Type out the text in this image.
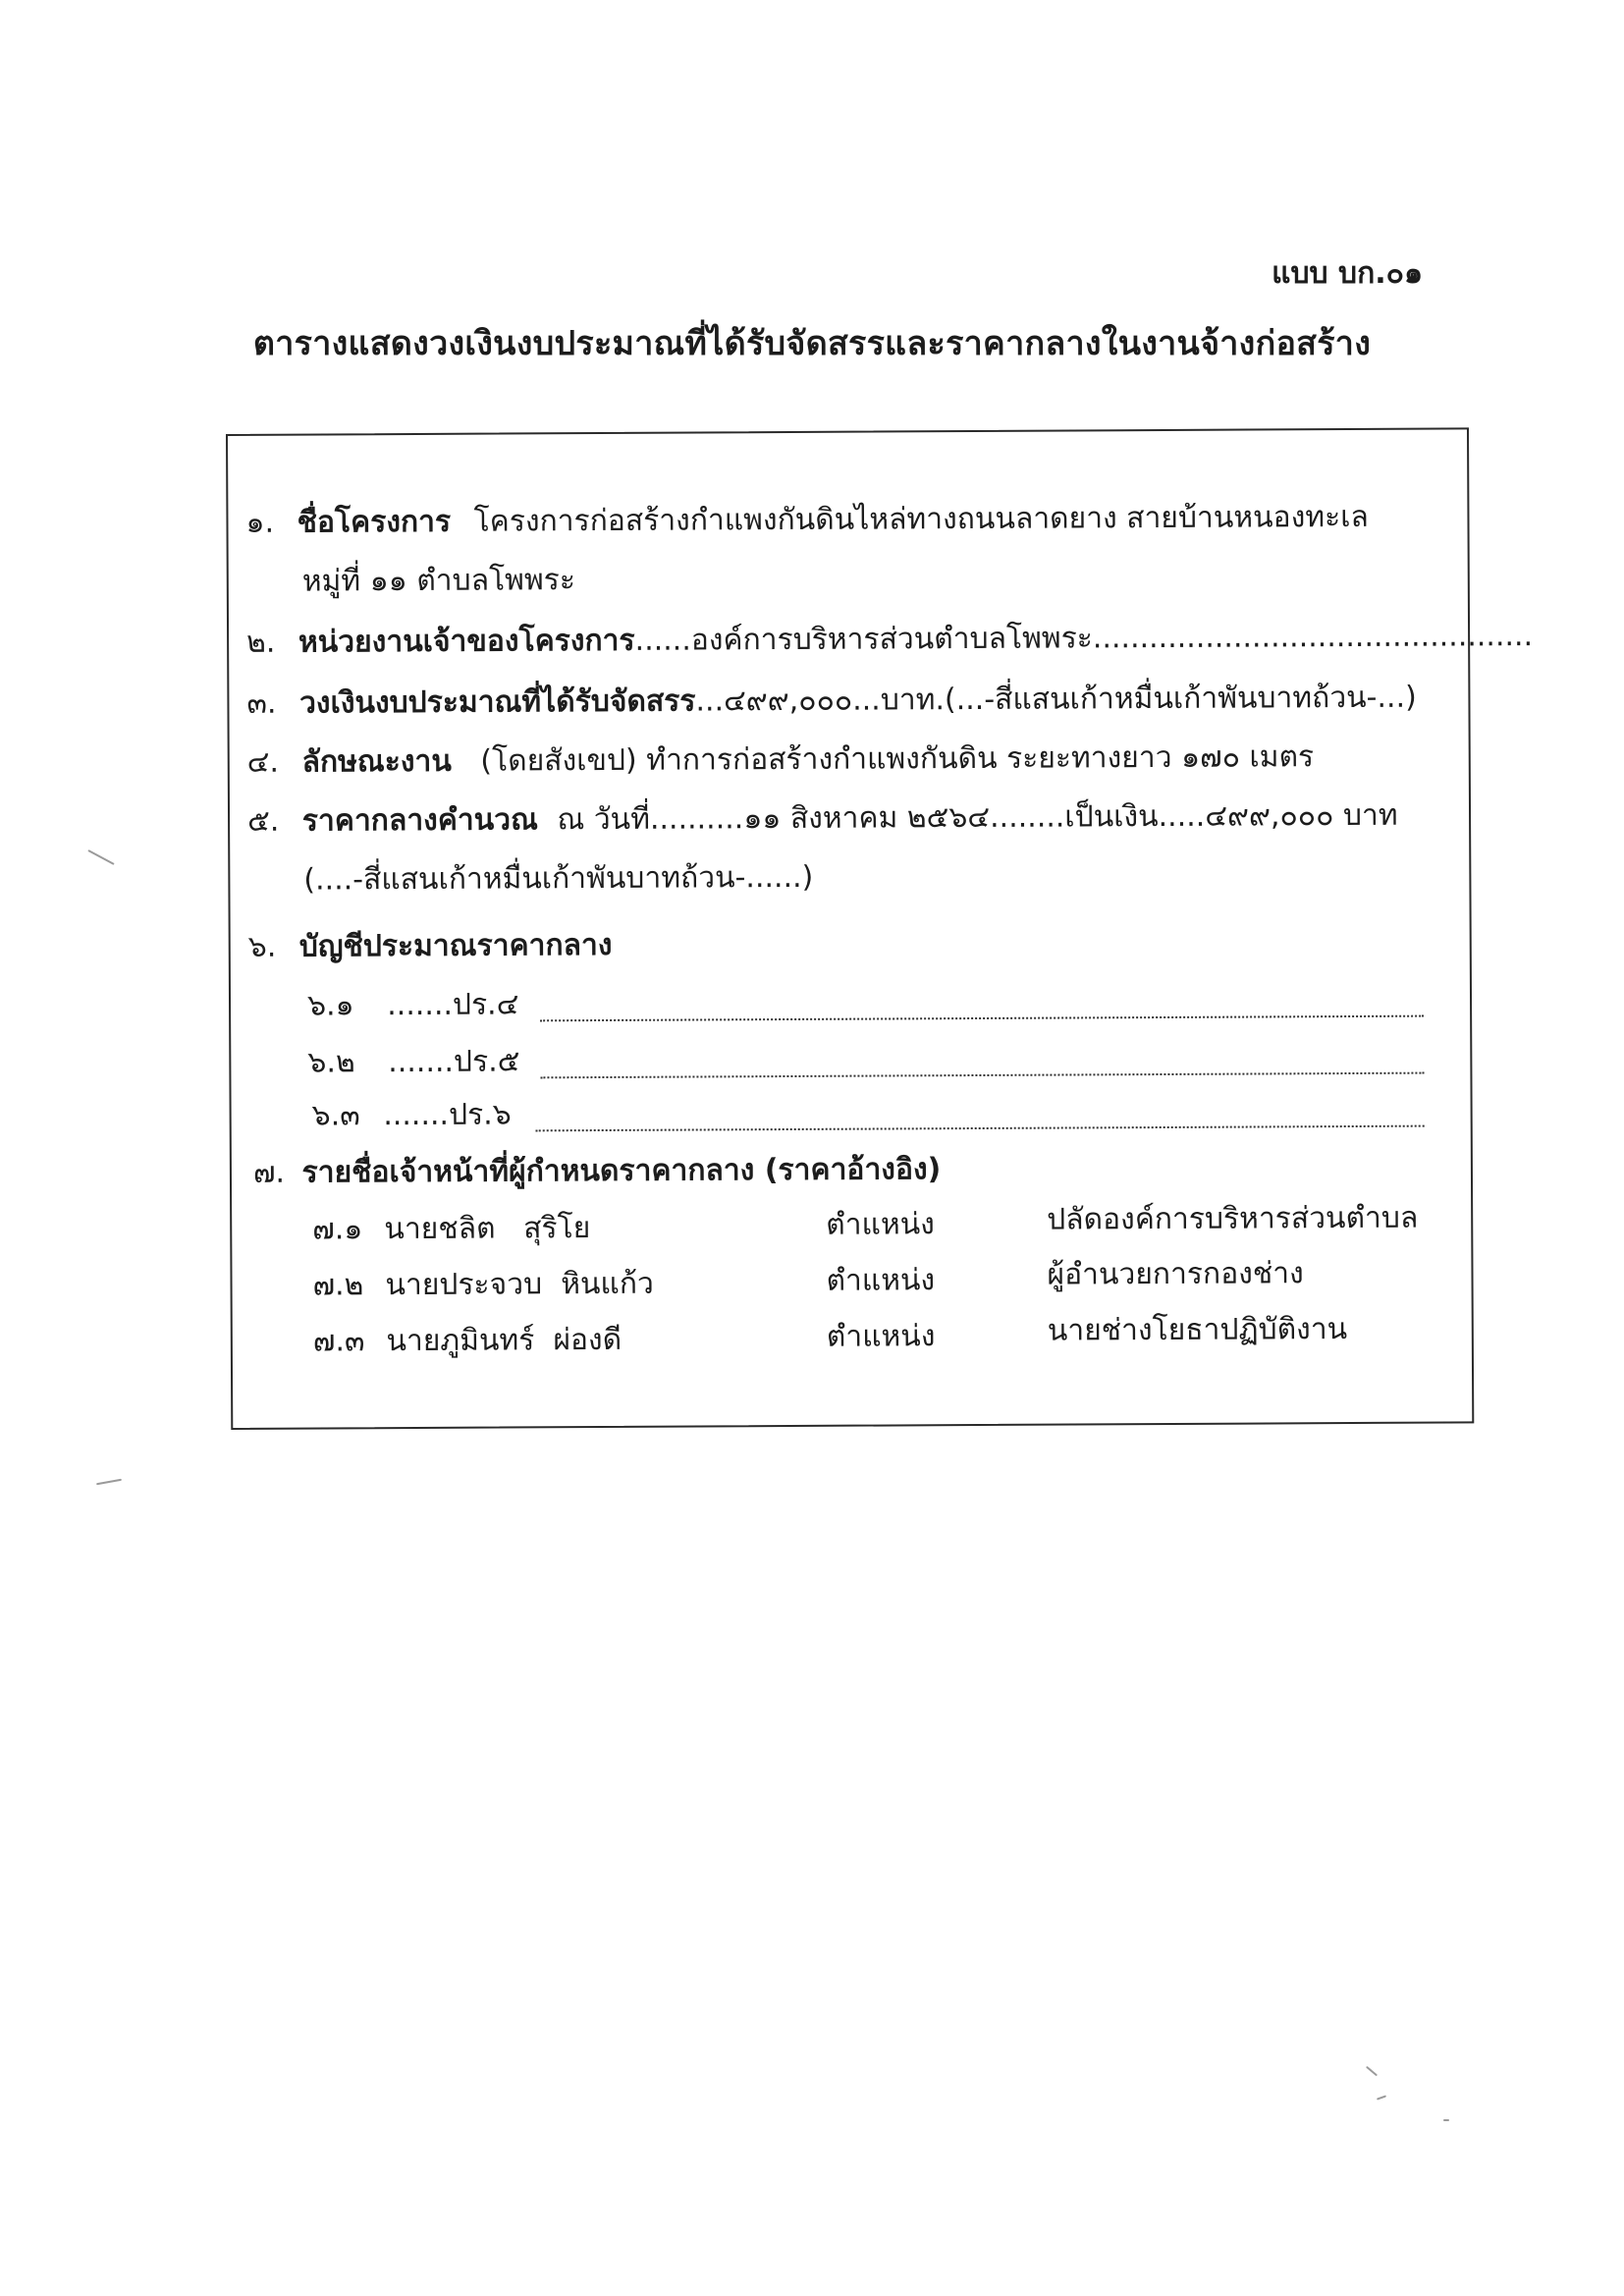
แบบ บก.๐๑
ตารางแสดงวงเงินงบประมาณที่ได้รับจัดสรรและราคากลางในงานจ้างก่อสร้าง
๑. ชื่อโครงการ โครงการก่อสร้างกำแพงกันดินไหล่ทางถนนลาดยาง สายบ้านหนองทะเล
หมู่ที่ ๑๑ ตำบลโพพระ
๒. หน่วยงานเจ้าของโครงการ......องค์การบริหารส่วนตำบลโพพระ...............................................
๓. วงเงินงบประมาณที่ได้รับจัดสรร...๔๙๙,๐๐๐...บาท.(...-สี่แสนเก้าหมื่นเก้าพันบาทถ้วน-...)
๔. ลักษณะงาน (โดยสังเขป) ทำการก่อสร้างกำแพงกันดิน ระยะทางยาว ๑๗๐ เมตร
๕. ราคากลางคำนวณ ณ วันที่..........๑๑ สิงหาคม ๒๕๖๔........เป็นเงิน.....๔๙๙,๐๐๐ บาท
(....-สี่แสนเก้าหมื่นเก้าพันบาทถ้วน-......)
๖. บัญชีประมาณราคากลาง
๖.๑ .......ปร.๔
๖.๒ .......ปร.๕
๖.๓ .......ปร.๖
๗. รายชื่อเจ้าหน้าที่ผู้กำหนดราคากลาง (ราคาอ้างอิง)
๗.๑ นายชลิต   สุริโย	ตำแหน่ง	ปลัดองค์การบริหารส่วนตำบล
๗.๒ นายประจวบ  หินแก้ว	ตำแหน่ง	ผู้อำนวยการกองช่าง
๗.๓ นายภูมินทร์  ผ่องดี	ตำแหน่ง	นายช่างโยธาปฏิบัติงาน
